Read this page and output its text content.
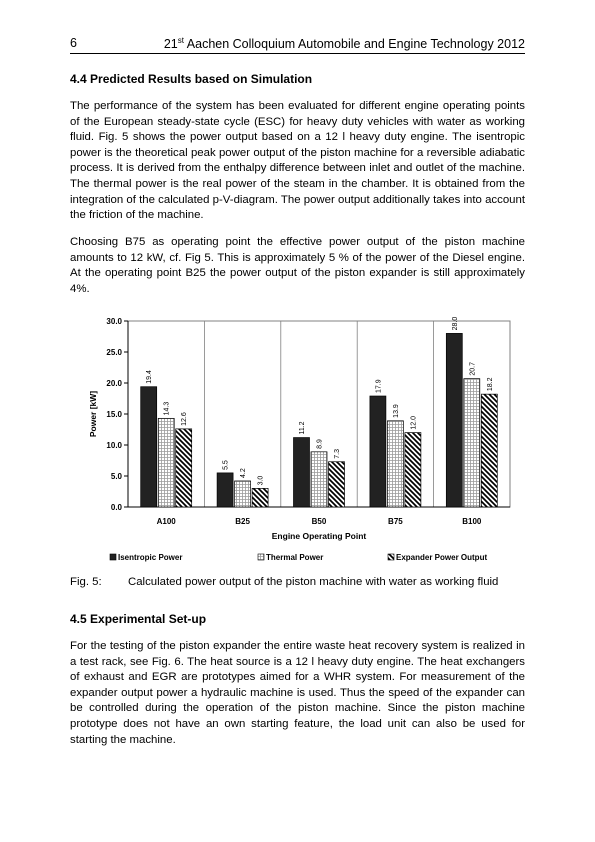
6	21st Aachen Colloquium Automobile and Engine Technology 2012
4.4 Predicted Results based on Simulation

The performance of the system has been evaluated for different engine operating points of the European steady-state cycle (ESC) for heavy duty vehicles with water as working fluid. Fig. 5 shows the power output based on a 12 l heavy duty engine. The isentropic power is the theoretical peak power output of the piston machine for a reversible adiabatic process. It is derived from the enthalpy difference between inlet and outlet of the machine. The thermal power is the real power of the steam in the chamber. It is obtained from the integration of the calculated p-V-diagram. The power output additionally takes into account the friction of the machine.

Choosing B75 as operating point the effective power output of the piston machine amounts to 12 kW, cf. Fig 5. This is approximately 5 % of the power of the Diesel engine. At the operating point B25 the power output of the piston expander is still approximately 4%.

0.0
5.0
10.0
15.0
20.0
25.0
30.0
19.4
14.3
12.6
A100
5.5
4.2
3.0
B25
11.2
8.9
7.3
B50
17.9
13.9
12.0
B75
28.0
20.7
18.2
B100
Engine Operating Point
Power [kW]
Isentropic Power	Thermal Power	Expander Power Output
Fig. 5: Calculated power output of the piston machine with water as working fluid
4.5 Experimental Set-up

For the testing of the piston expander the entire waste heat recovery system is realized in a test rack, see Fig. 6. The heat source is a 12 l heavy duty engine. The heat exchangers of exhaust and EGR are prototypes aimed for a WHR system. For measurement of the expander output power a hydraulic machine is used. Thus the speed of the expander can be controlled during the operation of the piston machine. Since the piston machine prototype does not have an own starting feature, the load unit can also be used for starting the machine.
